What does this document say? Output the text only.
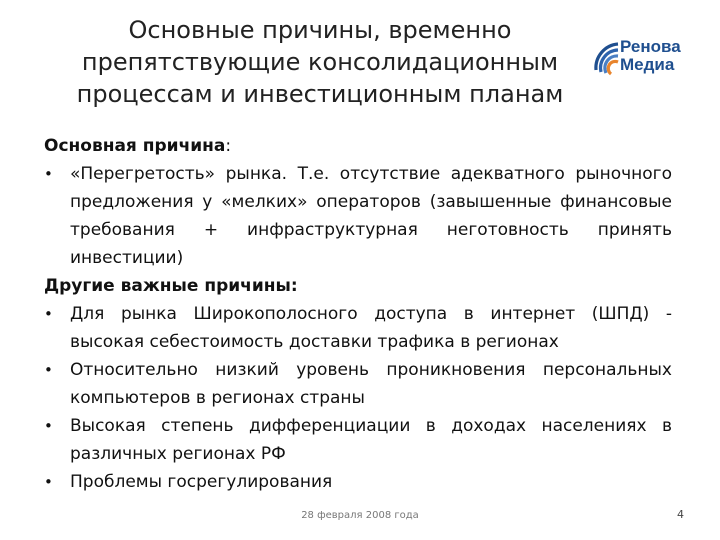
Основные причины, временно
препятствующие консолидационным
процессам и инвестиционным планам
Ренова
Медиа
Основная причина:
•	«Перегретость» рынка. Т.е. отсутствие адекватного рыночного предложения у «мелких» операторов (завышенные финансовые требования + инфраструктурная неготовность принять инвестиции)
Другие важные причины:
•	Для рынка Широкополосного доступа в интернет (ШПД) - высокая себестоимость доставки трафика в регионах
•	Относительно низкий уровень проникновения персональных компьютеров в регионах страны
•	Высокая степень дифференциации в доходах населениях в различных регионах РФ
•	Проблемы госрегулирования
28 февраля 2008 года	4
